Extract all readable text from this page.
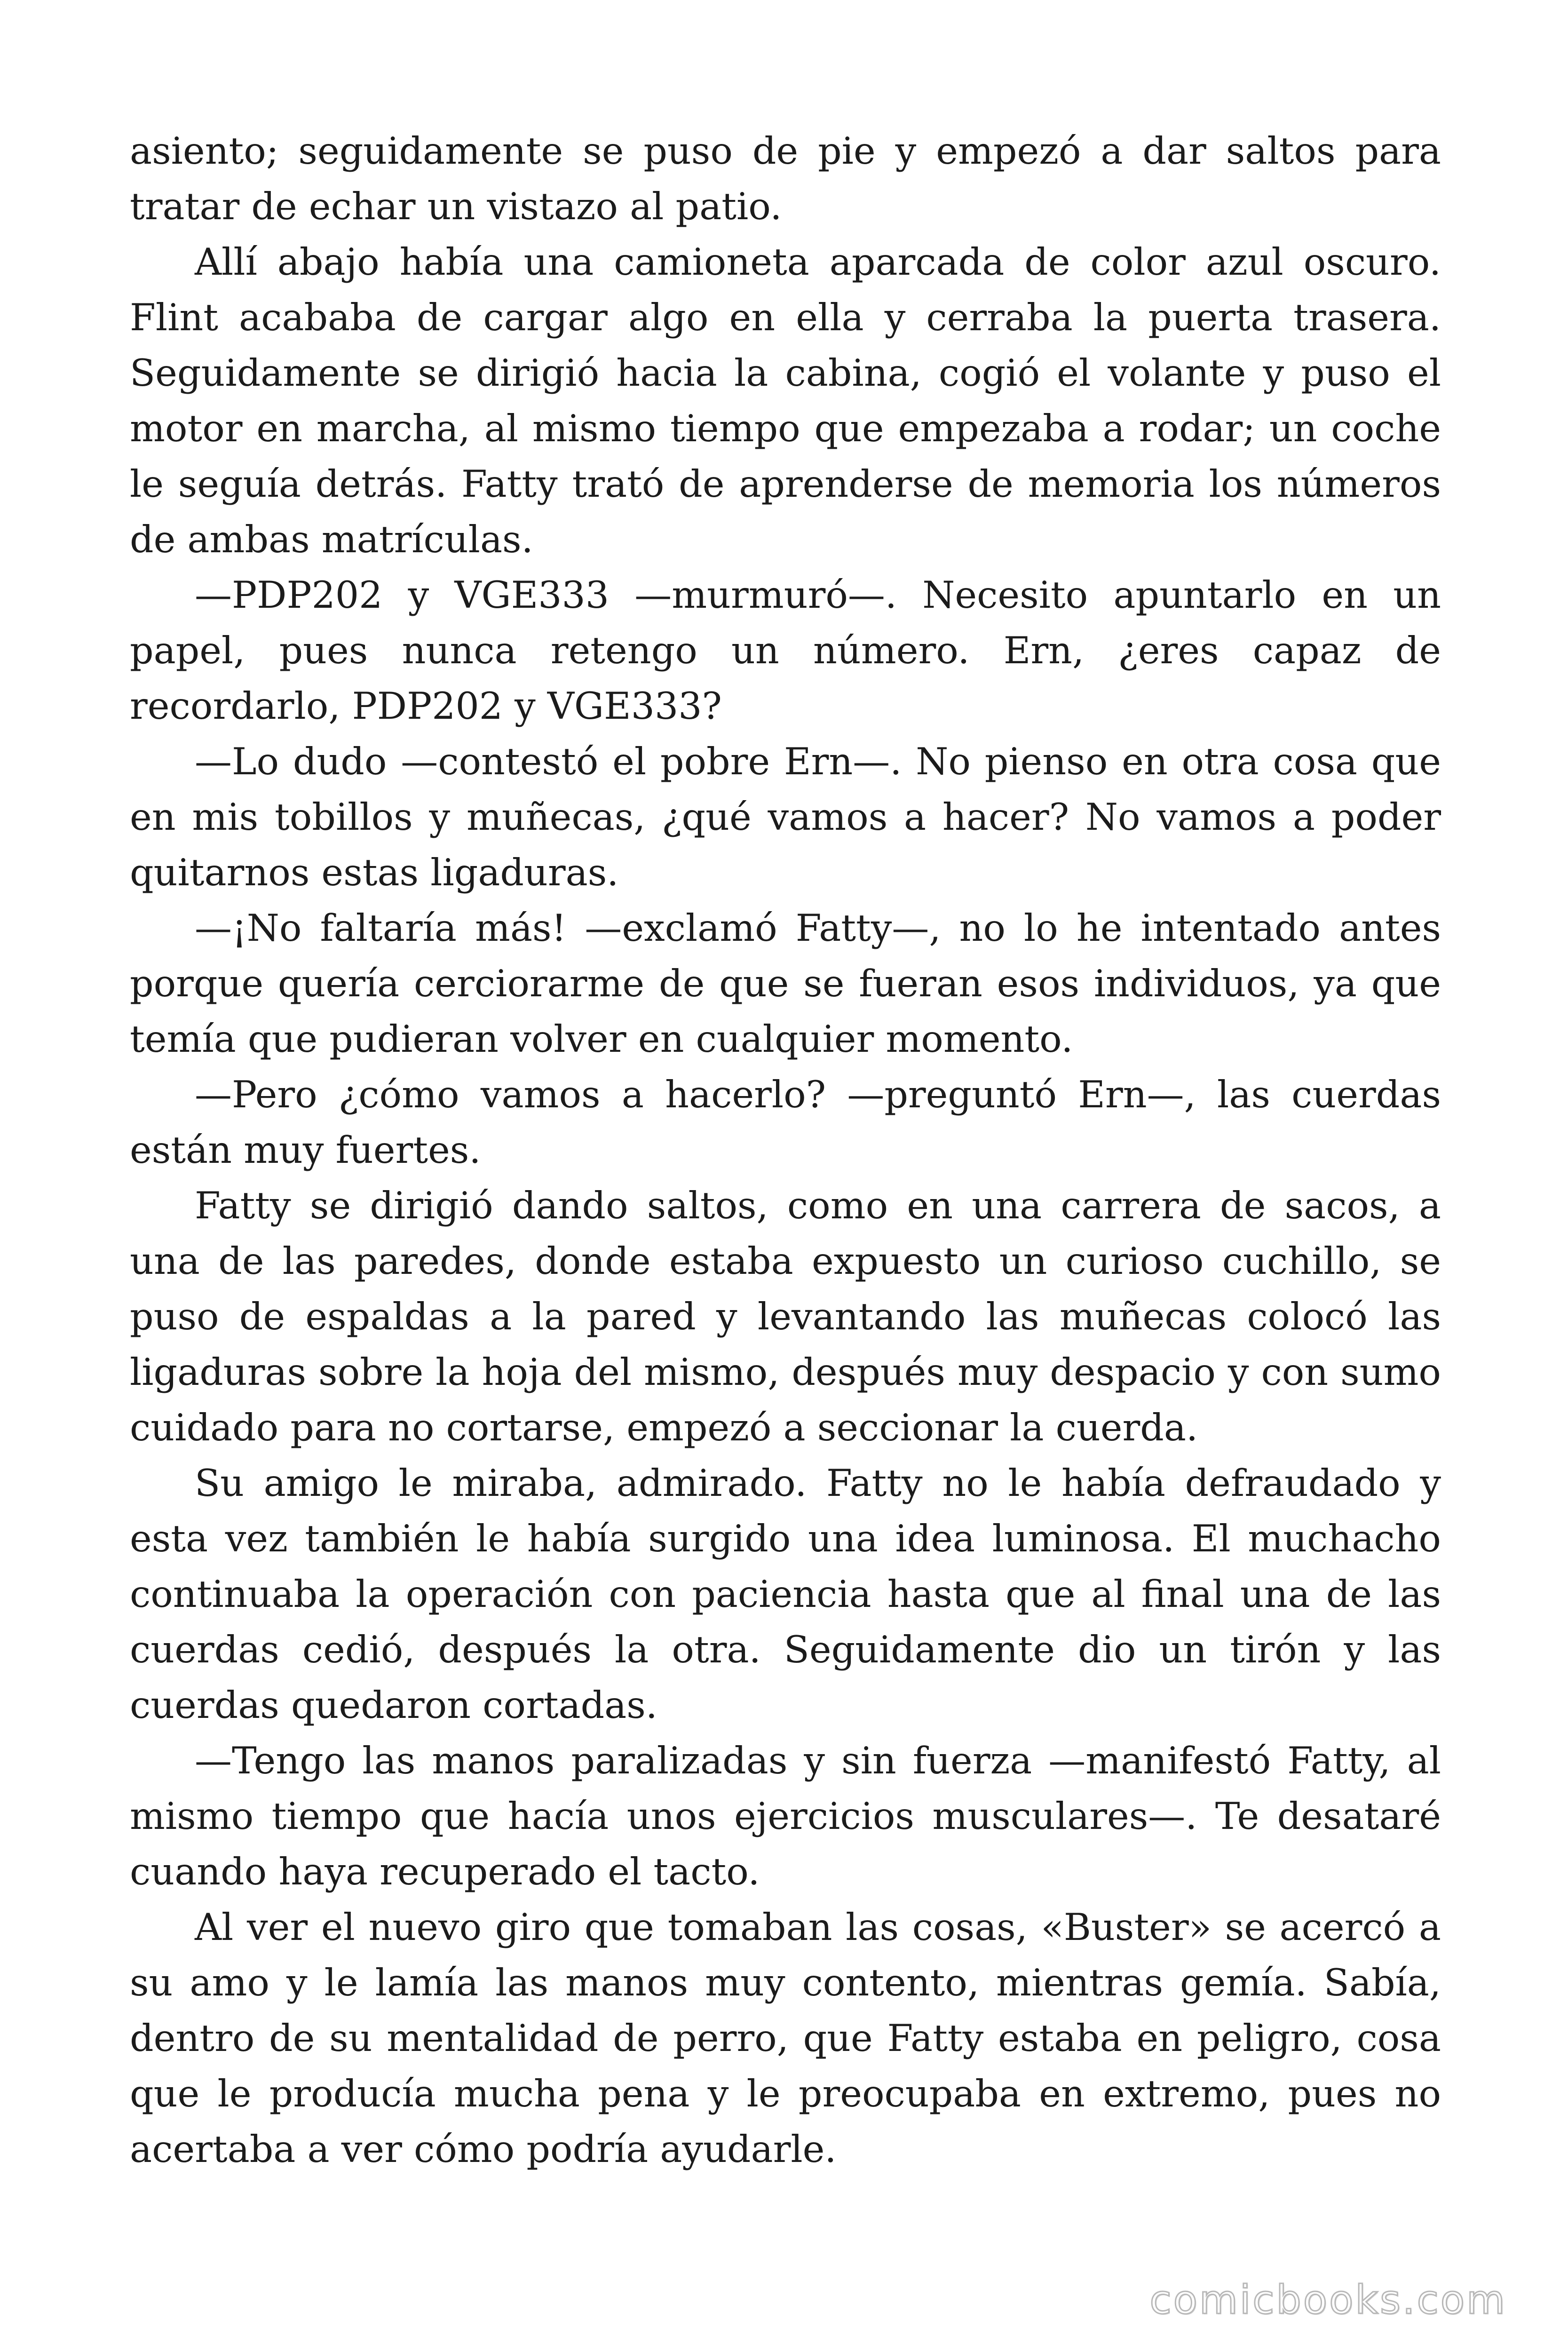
asiento; seguidamente se puso de pie y empezó a dar saltos para tratar de echar un vistazo al patio.

Allí abajo había una camioneta aparcada de color azul oscuro. Flint acababa de cargar algo en ella y cerraba la puerta trasera. Seguidamente se dirigió hacia la cabina, cogió el volante y puso el motor en marcha, al mismo tiempo que empezaba a rodar; un coche le seguía detrás. Fatty trató de aprenderse de memoria los números de ambas matrículas.

—PDP202 y VGE333 —murmuró—. Necesito apuntarlo en un papel, pues nunca retengo un número. Ern, ¿eres capaz de recordarlo, PDP202 y VGE333?

—Lo dudo —contestó el pobre Ern—. No pienso en otra cosa que en mis tobillos y muñecas, ¿qué vamos a hacer? No vamos a poder quitarnos estas ligaduras.

—¡No faltaría más! —exclamó Fatty—, no lo he intentado antes porque quería cerciorarme de que se fueran esos individuos, ya que temía que pudieran volver en cualquier momento.

—Pero ¿cómo vamos a hacerlo? —preguntó Ern—, las cuerdas están muy fuertes.

Fatty se dirigió dando saltos, como en una carrera de sacos, a una de las paredes, donde estaba expuesto un curioso cuchillo, se puso de espaldas a la pared y levantando las muñecas colocó las ligaduras sobre la hoja del mismo, después muy despacio y con sumo cuidado para no cortarse, empezó a seccionar la cuerda.

Su amigo le miraba, admirado. Fatty no le había defraudado y esta vez también le había surgido una idea luminosa. El muchacho continuaba la operación con paciencia hasta que al final una de las cuerdas cedió, después la otra. Seguidamente dio un tirón y las cuerdas quedaron cortadas.

—Tengo las manos paralizadas y sin fuerza —manifestó Fatty, al mismo tiempo que hacía unos ejercicios musculares—. Te desataré cuando haya recuperado el tacto.

Al ver el nuevo giro que tomaban las cosas, «Buster» se acercó a su amo y le lamía las manos muy contento, mientras gemía. Sabía, dentro de su mentalidad de perro, que Fatty estaba en peligro, cosa que le producía mucha pena y le preocupaba en extremo, pues no acertaba a ver cómo podría ayudarle.

comicbooks.com
